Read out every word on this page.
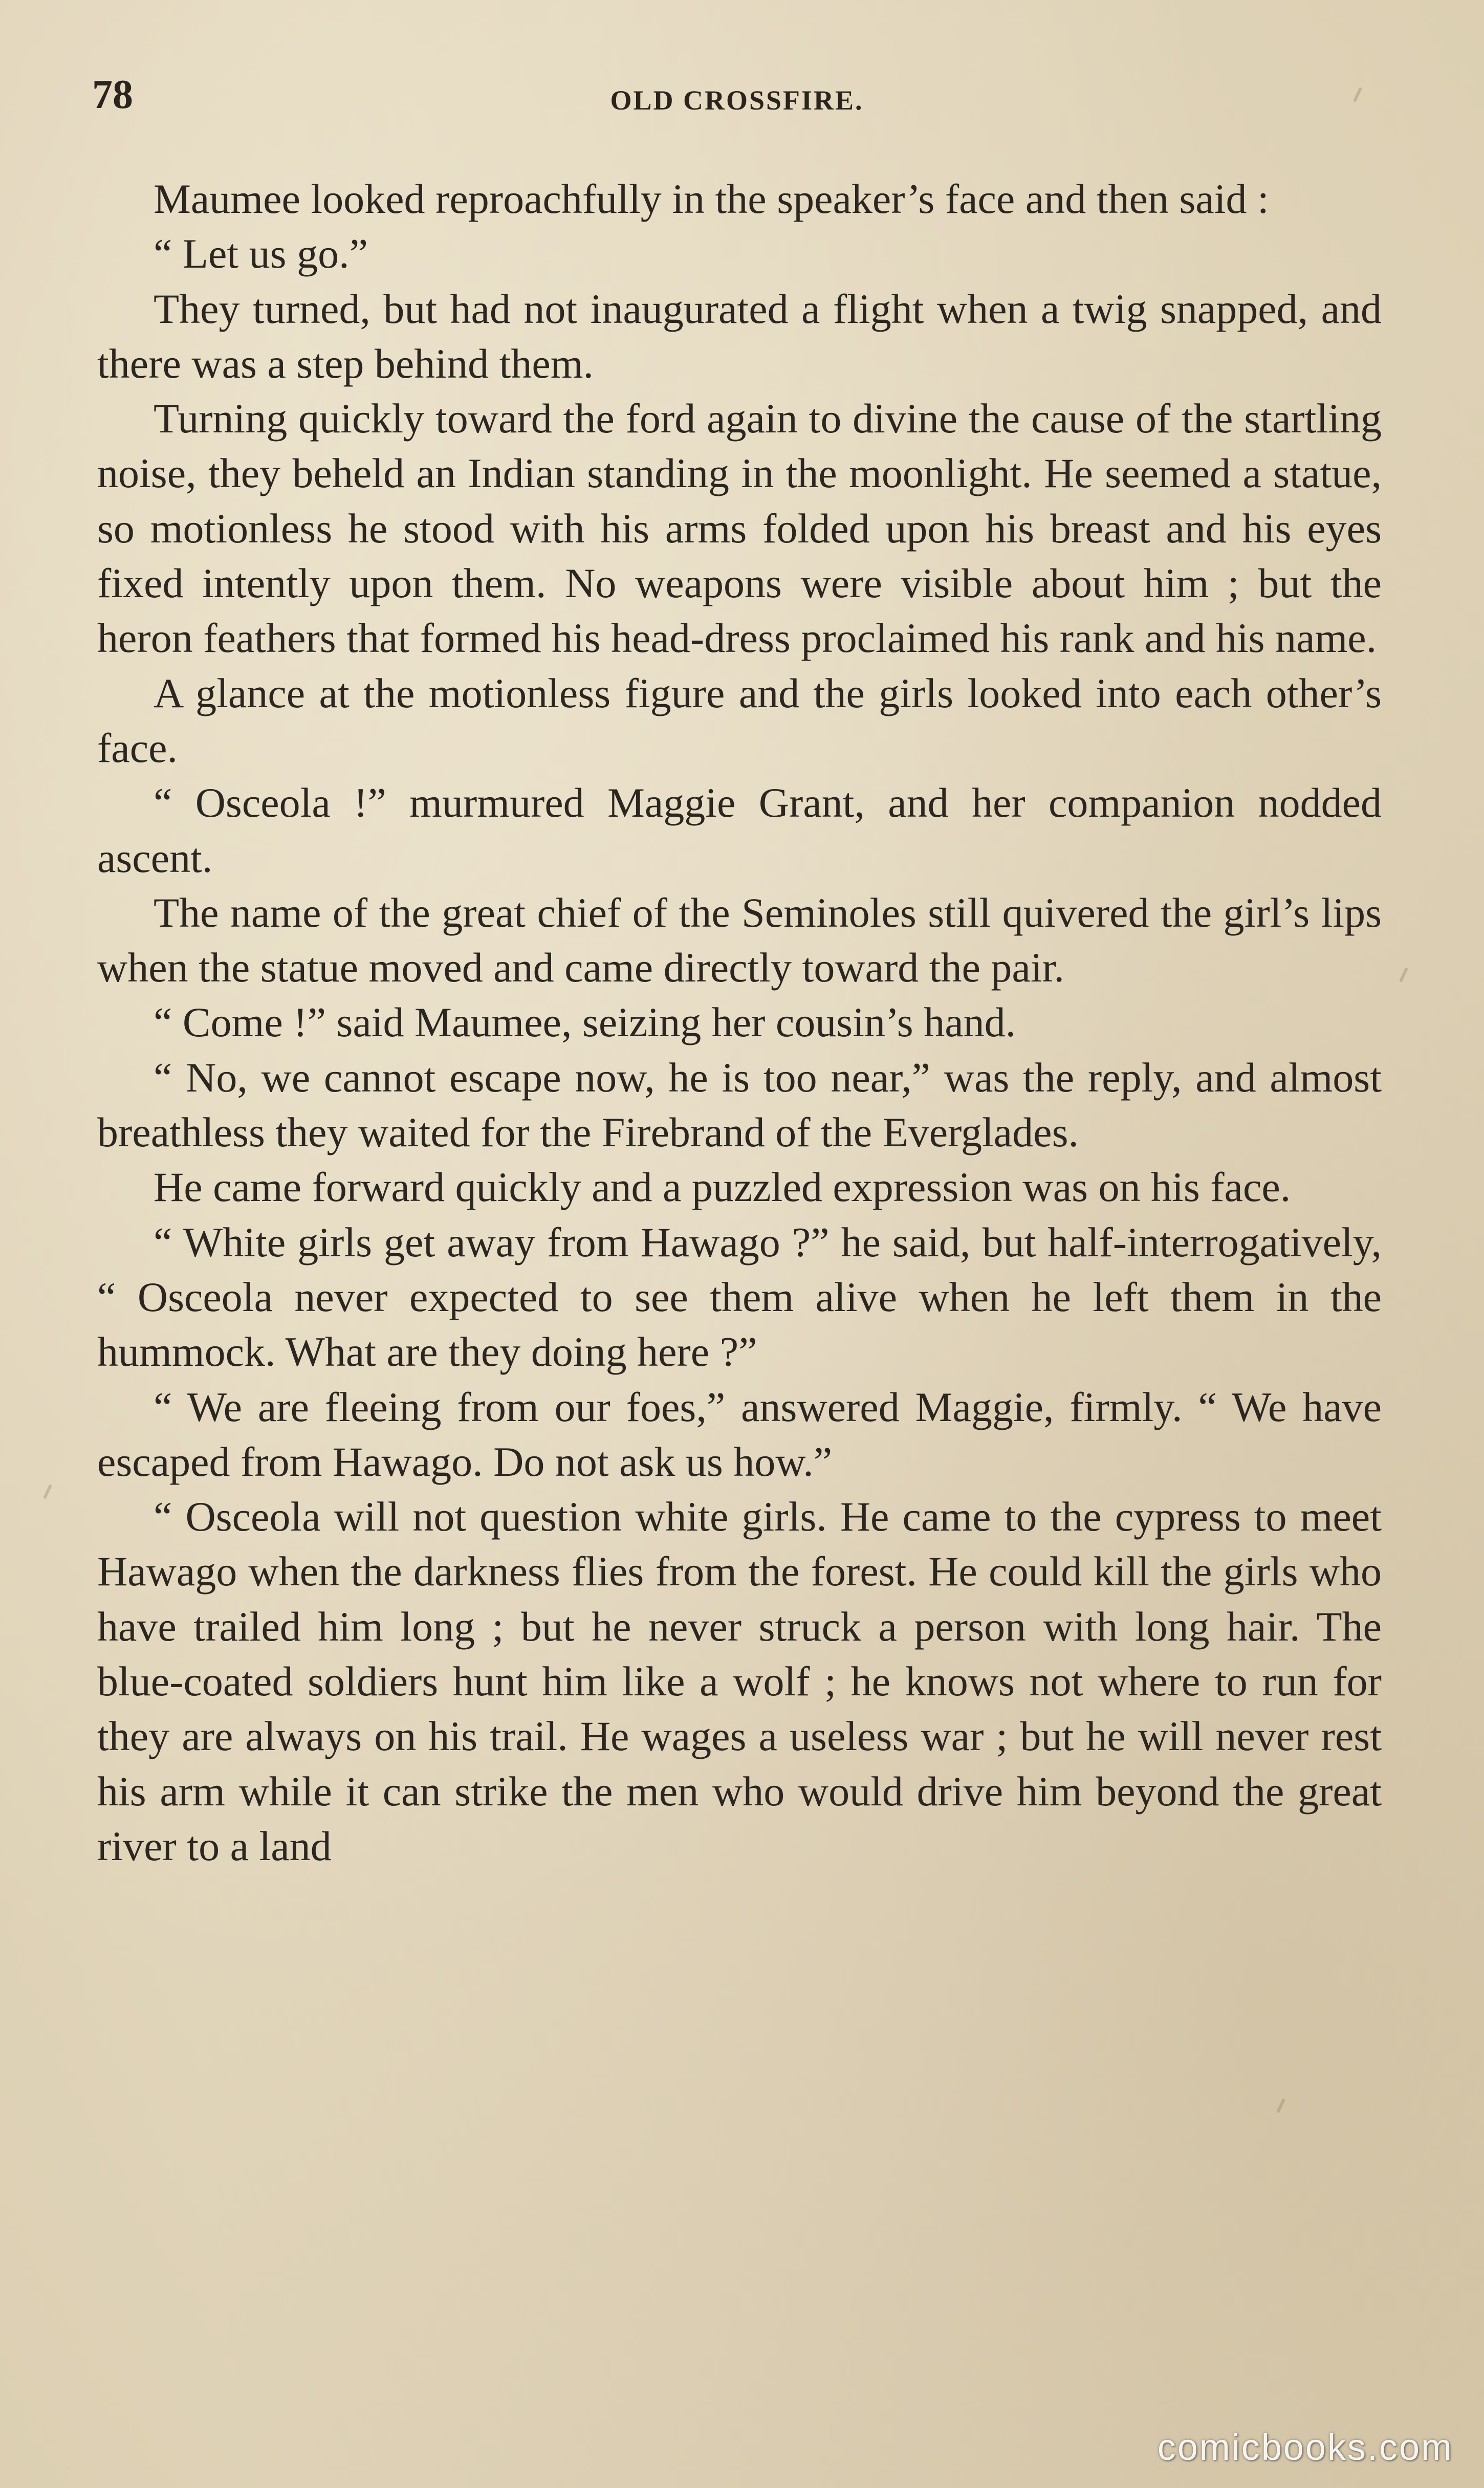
78	OLD CROSSFIRE.

Maumee looked reproachfully in the speaker’s face and then said :

“ Let us go.”

They turned, but had not inaugurated a flight when a twig snapped, and there was a step behind them.

Turning quickly toward the ford again to divine the cause of the startling noise, they beheld an Indian standing in the moonlight. He seemed a statue, so motionless he stood with his arms folded upon his breast and his eyes fixed intently upon them. No weapons were visible about him ; but the heron feathers that formed his head-dress proclaimed his rank and his name.

A glance at the motionless figure and the girls looked into each other’s face.

“ Osceola !” murmured Maggie Grant, and her companion nodded ascent.

The name of the great chief of the Seminoles still quivered the girl’s lips when the statue moved and came directly toward the pair.

“ Come !” said Maumee, seizing her cousin’s hand.

“ No, we cannot escape now, he is too near,” was the reply, and almost breathless they waited for the Firebrand of the Everglades.

He came forward quickly and a puzzled expression was on his face.

“ White girls get away from Hawago ?” he said, but half-interrogatively, “ Osceola never expected to see them alive when he left them in the hummock. What are they doing here ?”

“ We are fleeing from our foes,” answered Maggie, firmly. “ We have escaped from Hawago. Do not ask us how.”

“ Osceola will not question white girls. He came to the cypress to meet Hawago when the darkness flies from the forest. He could kill the girls who have trailed him long ; but he never struck a person with long hair. The blue-coated soldiers hunt him like a wolf ; he knows not where to run for they are always on his trail. He wages a useless war ; but he will never rest his arm while it can strike the men who would drive him beyond the great river to a land

comicbooks.com
